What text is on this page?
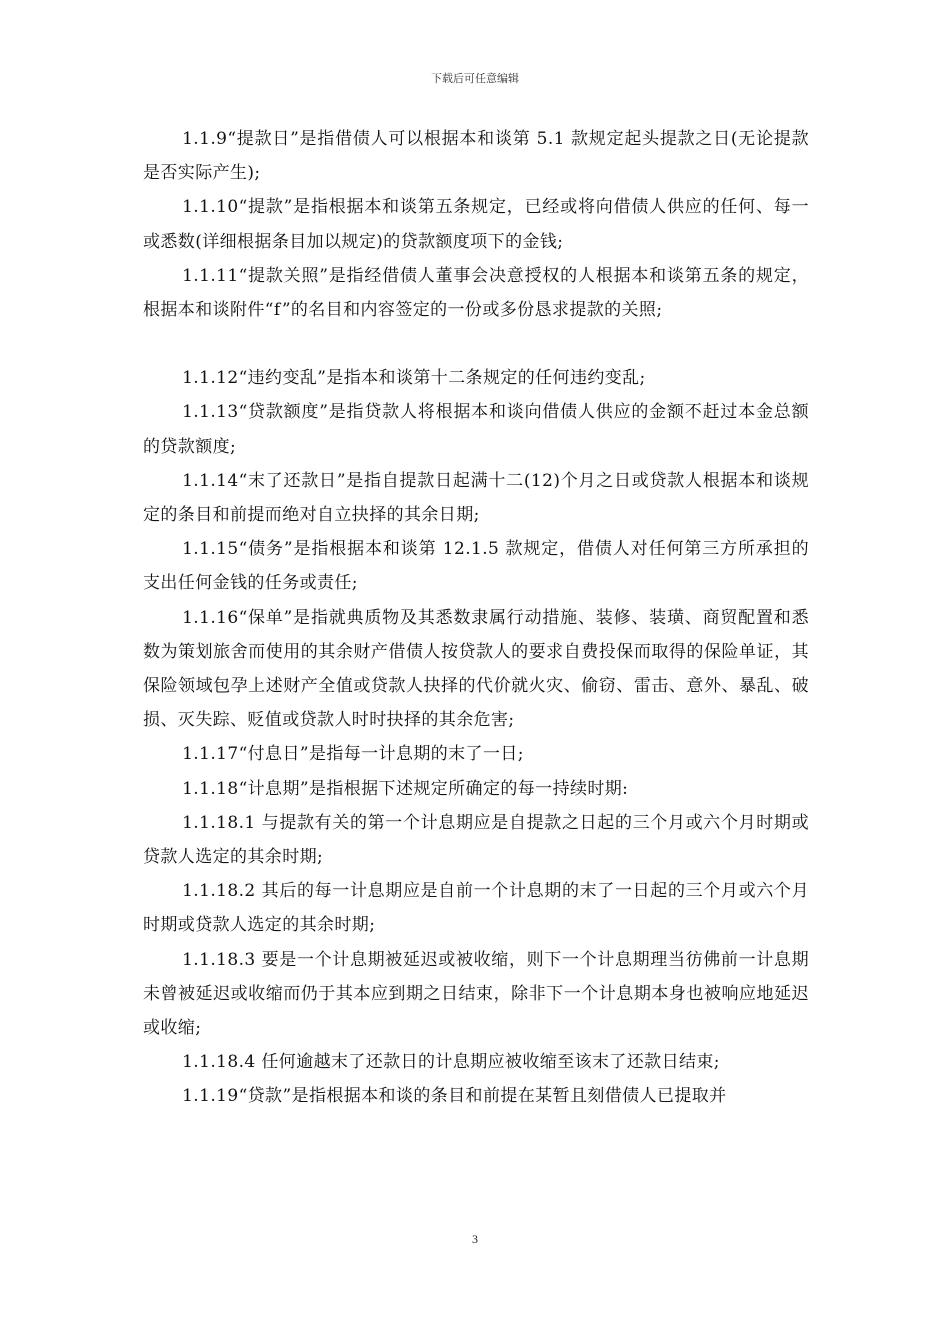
下载后可任意编辑

1.1.9“提款日”是指借债人可以根据本和谈第 5.1 款规定起头提款之日(无论提款是否实际产生);

1.1.10“提款”是指根据本和谈第五条规定，已经或将向借债人供应的任何、每一或悉数(详细根据条目加以规定)的贷款额度项下的金钱;

1.1.11“提款关照”是指经借债人董事会决意授权的人根据本和谈第五条的规定，根据本和谈附件“f”的名目和内容签定的一份或多份恳求提款的关照;

1.1.12“违约变乱”是指本和谈第十二条规定的任何违约变乱;

1.1.13“贷款额度”是指贷款人将根据本和谈向借债人供应的金额不赶过本金总额的贷款额度;

1.1.14“末了还款日”是指自提款日起满十二(12)个月之日或贷款人根据本和谈规定的条目和前提而绝对自立抉择的其余日期;

1.1.15“债务”是指根据本和谈第 12.1.5 款规定，借债人对任何第三方所承担的支出任何金钱的任务或责任;

1.1.16“保单”是指就典质物及其悉数隶属行动措施、装修、装璜、商贸配置和悉数为策划旅舍而使用的其余财产借债人按贷款人的要求自费投保而取得的保险单证，其保险领域包孕上述财产全值或贷款人抉择的代价就火灾、偷窃、雷击、意外、暴乱、破损、灭失踪、贬值或贷款人时时抉择的其余危害;

1.1.17“付息日”是指每一计息期的末了一日;

1.1.18“计息期”是指根据下述规定所确定的每一持续时期:

1.1.18.1 与提款有关的第一个计息期应是自提款之日起的三个月或六个月时期或贷款人选定的其余时期;

1.1.18.2 其后的每一计息期应是自前一个计息期的末了一日起的三个月或六个月时期或贷款人选定的其余时期;

1.1.18.3 要是一个计息期被延迟或被收缩，则下一个计息期理当彷佛前一计息期未曾被延迟或收缩而仍于其本应到期之日结束，除非下一个计息期本身也被响应地延迟或收缩;

1.1.18.4 任何逾越末了还款日的计息期应被收缩至该末了还款日结束;

1.1.19“贷款”是指根据本和谈的条目和前提在某暂且刻借债人已提取并

3
